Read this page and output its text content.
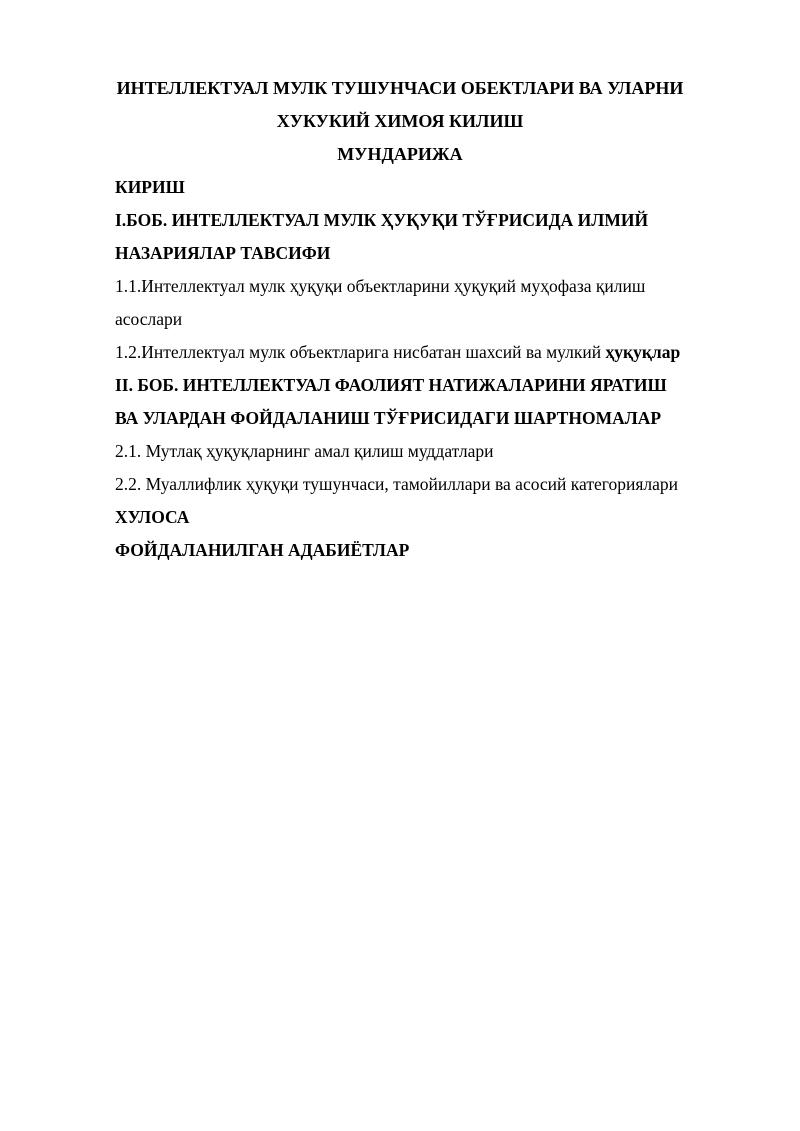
ИНТЕЛЛЕКТУАЛ МУЛК ТУШУНЧАСИ ОБЕКТЛАРИ ВА УЛАРНИ
ХУКУКИЙ ХИМОЯ КИЛИШ
МУНДАРИЖА
КИРИШ
I.БОБ. ИНТЕЛЛЕКТУАЛ МУЛК ҲУҚУҚИ ТЎҒРИСИДА ИЛМИЙ
НАЗАРИЯЛАР ТАВСИФИ
1.1.Интеллектуал мулк ҳуқуқи объектларини ҳуқуқий муҳофаза қилиш
асослари
1.2.Интеллектуал мулк объектларига нисбатан шахсий ва мулкий ҳуқуқлар
II. БОБ. ИНТЕЛЛЕКТУАЛ ФАОЛИЯТ НАТИЖАЛАРИНИ ЯРАТИШ
ВА УЛАРДАН ФОЙДАЛАНИШ ТЎҒРИСИДАГИ ШАРТНОМАЛАР
2.1. Мутлақ ҳуқуқларнинг амал қилиш муддатлари
2.2. Муаллифлик ҳуқуқи тушунчаси, тамойиллари ва асосий категориялари
ХУЛОСА
ФОЙДАЛАНИЛГАН АДАБИЁТЛАР
